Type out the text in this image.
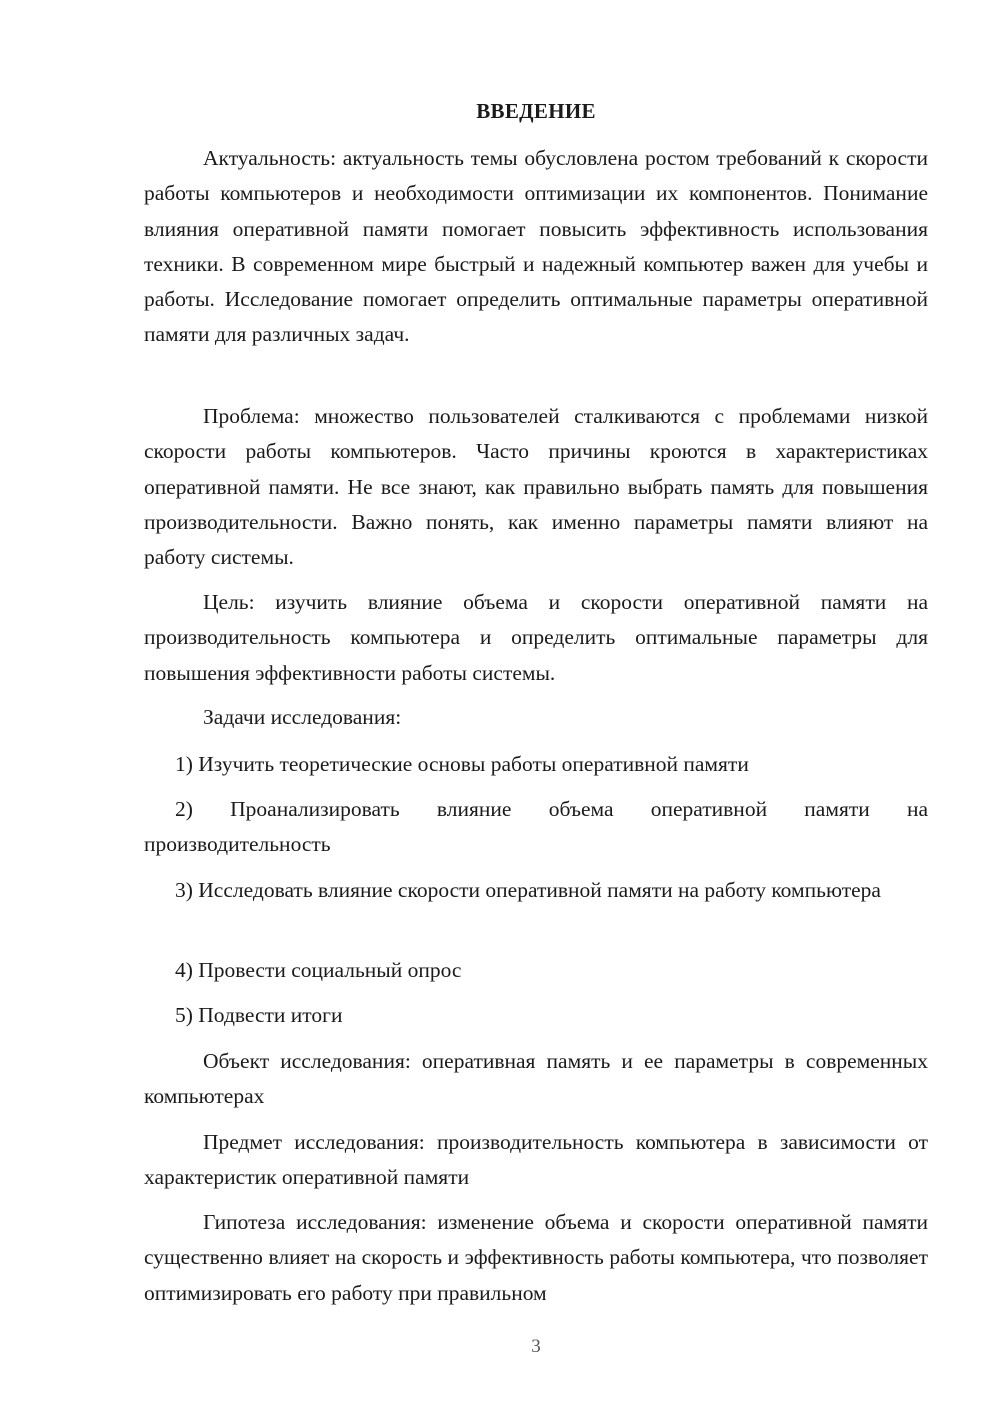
ВВЕДЕНИЕ

Актуальность: актуальность темы обусловлена ростом требований к скорости работы компьютеров и необходимости оптимизации их компонентов. Понимание влияния оперативной памяти помогает повысить эффективность использования техники. В современном мире быстрый и надежный компьютер важен для учебы и работы. Исследование помогает определить оптимальные параметры оперативной памяти для различных задач.

Проблема: множество пользователей сталкиваются с проблемами низкой скорости работы компьютеров. Часто причины кроются в характеристиках оперативной памяти. Не все знают, как правильно выбрать память для повышения производительности. Важно понять, как именно параметры памяти влияют на работу системы.

Цель: изучить влияние объема и скорости оперативной памяти на производительность компьютера и определить оптимальные параметры для повышения эффективности работы системы.

Задачи исследования:

1) Изучить теоретические основы работы оперативной памяти

2) Проанализировать влияние объема оперативной памяти на производительность

3) Исследовать влияние скорости оперативной памяти на работу компьютера

4) Провести социальный опрос

5) Подвести итоги

Объект исследования: оперативная память и ее параметры в современных компьютерах

Предмет исследования: производительность компьютера в зависимости от характеристик оперативной памяти

Гипотеза исследования: изменение объема и скорости оперативной памяти существенно влияет на скорость и эффективность работы компьютера, что позволяет оптимизировать его работу при правильном

3
